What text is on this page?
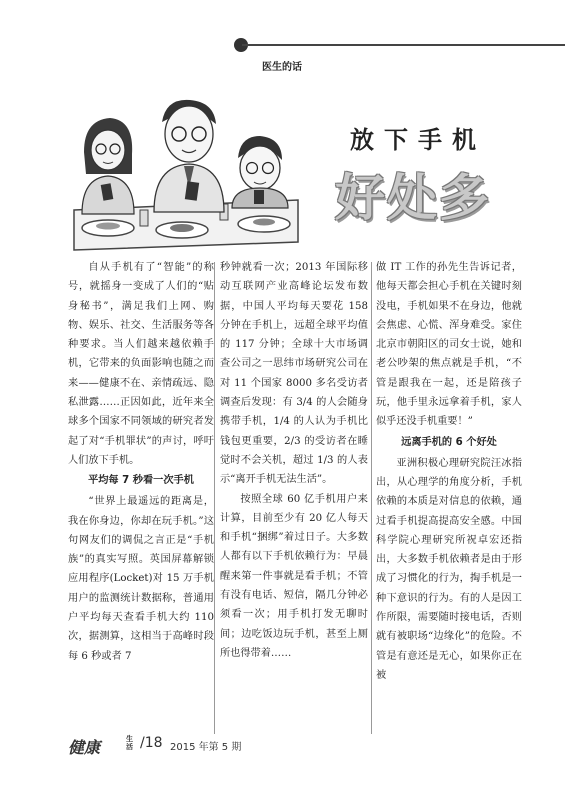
医生的话
放下手机
好处多

自从手机有了“智能”的称号，就摇身一变成了人们的“贴身秘书”，满足我们上网、购物、娱乐、社交、生活服务等各种要求。当人们越来越依赖手机，它带来的负面影响也随之而来——健康不在、亲情疏远、隐私泄露……正因如此，近年来全球多个国家不同领域的研究者发起了对“手机罪状”的声讨，呼吁人们放下手机。

平均每 7 秒看一次手机

“世界上最遥远的距离是，我在你身边，你却在玩手机。”这句网友们的调侃之言正是“手机族”的真实写照。英国屏幕解锁应用程序(Locket)对 15 万手机用户的监测统计数据称，普通用户平均每天查看手机大约 110 次，据测算，这相当于高峰时段每 6 秒或者 7

秒钟就看一次；2013 年国际移动互联网产业高峰论坛发布数据，中国人平均每天要花 158 分钟在手机上，远超全球平均值的 117 分钟；全球十大市场调查公司之一思纬市场研究公司在对 11 个国家 8000 多名受访者调查后发现：有 3/4 的人会随身携带手机，1/4 的人认为手机比钱包更重要，2/3 的受访者在睡觉时不会关机，超过 1/3 的人表示“离开手机无法生活”。

按照全球 60 亿手机用户来计算，目前至少有 20 亿人每天和手机“捆绑”着过日子。大多数人都有以下手机依赖行为：早晨醒来第一件事就是看手机；不管有没有电话、短信，隔几分钟必须看一次；用手机打发无聊时间；边吃饭边玩手机，甚至上厕所也得带着……

做 IT 工作的孙先生告诉记者，他每天都会担心手机在关键时刻没电，手机如果不在身边，他就会焦虑、心慌、浑身难受。家住北京市朝阳区的司女士说，她和老公吵架的焦点就是手机，“不管是跟我在一起，还是陪孩子玩，他手里永远拿着手机，家人似乎还没手机重要！”

远离手机的 6 个好处

亚洲积极心理研究院汪冰指出，从心理学的角度分析，手机依赖的本质是对信息的依赖，通过看手机提高提高安全感。中国科学院心理研究所祝卓宏还指出，大多数手机依赖者是由于形成了习惯化的行为，掏手机是一种下意识的行为。有的人是因工作所限，需要随时接电话，否则就有被职场“边缘化”的危险。不管是有意还是无心，如果你正在被

健康	生活 /18 2015 年第 5 期
